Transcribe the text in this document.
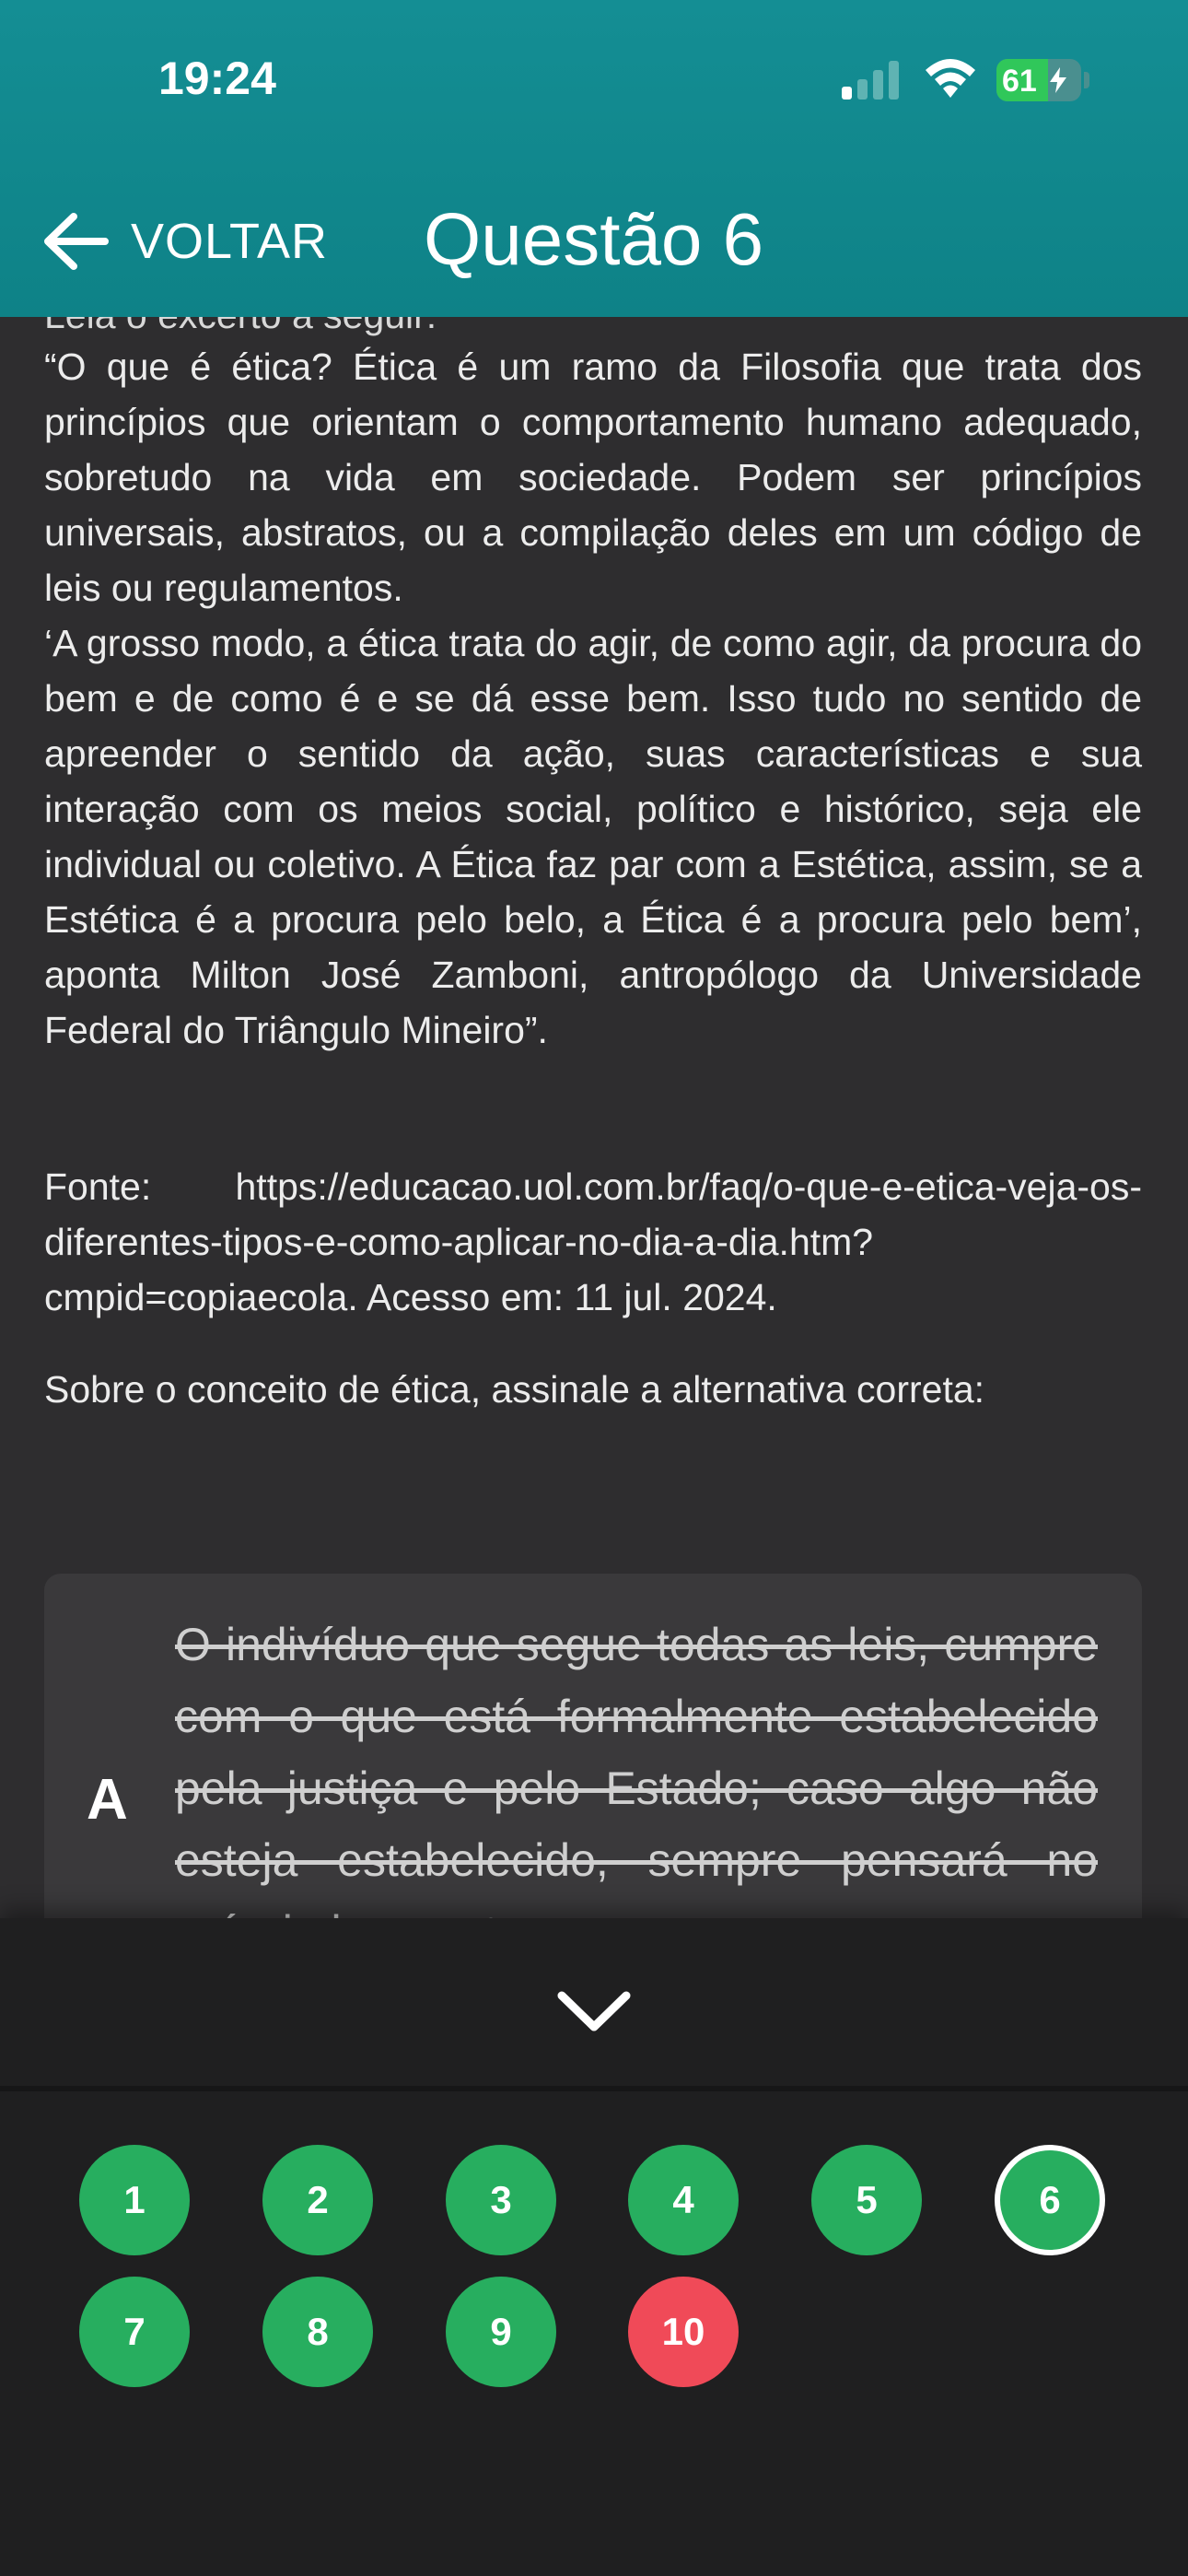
“O que é ética? Ética é um ramo da Filosofia que trata dos princípios que orientam o comportamento humano adequado, sobretudo na vida em sociedade. Podem ser princípios universais, abstratos, ou a compilação deles em um código de leis ou regulamentos.
‘A grosso modo, a ética trata do agir, de como agir, da procura do bem e de como é e se dá esse bem. Isso tudo no sentido de apreender o sentido da ação, suas características e sua interação com os meios social, político e histórico, seja ele individual ou coletivo. A Ética faz par com a Estética, assim, se a Estética é a procura pelo belo, a Ética é a procura pelo bem’, aponta Milton José Zamboni, antropólogo da Universidade Federal do Triângulo Mineiro”.
Fonte: https://educacao.uol.com.br/faq/o-que-e-etica-veja-os-diferentes-tipos-e-como-aplicar-no-dia-a-dia.htm?cmpid=copiaecola. Acesso em: 11 jul. 2024.
Sobre o conceito de ética, assinale a alternativa correta:
A
O indivíduo que segue todas as leis, cumpre com o que está formalmente estabelecido pela justiça e pelo Estado; caso algo não esteja estabelecido, sempre pensará no
19:24	61
VOLTAR Questão 6
1	2	3	4	5	6
7	8	9	10
